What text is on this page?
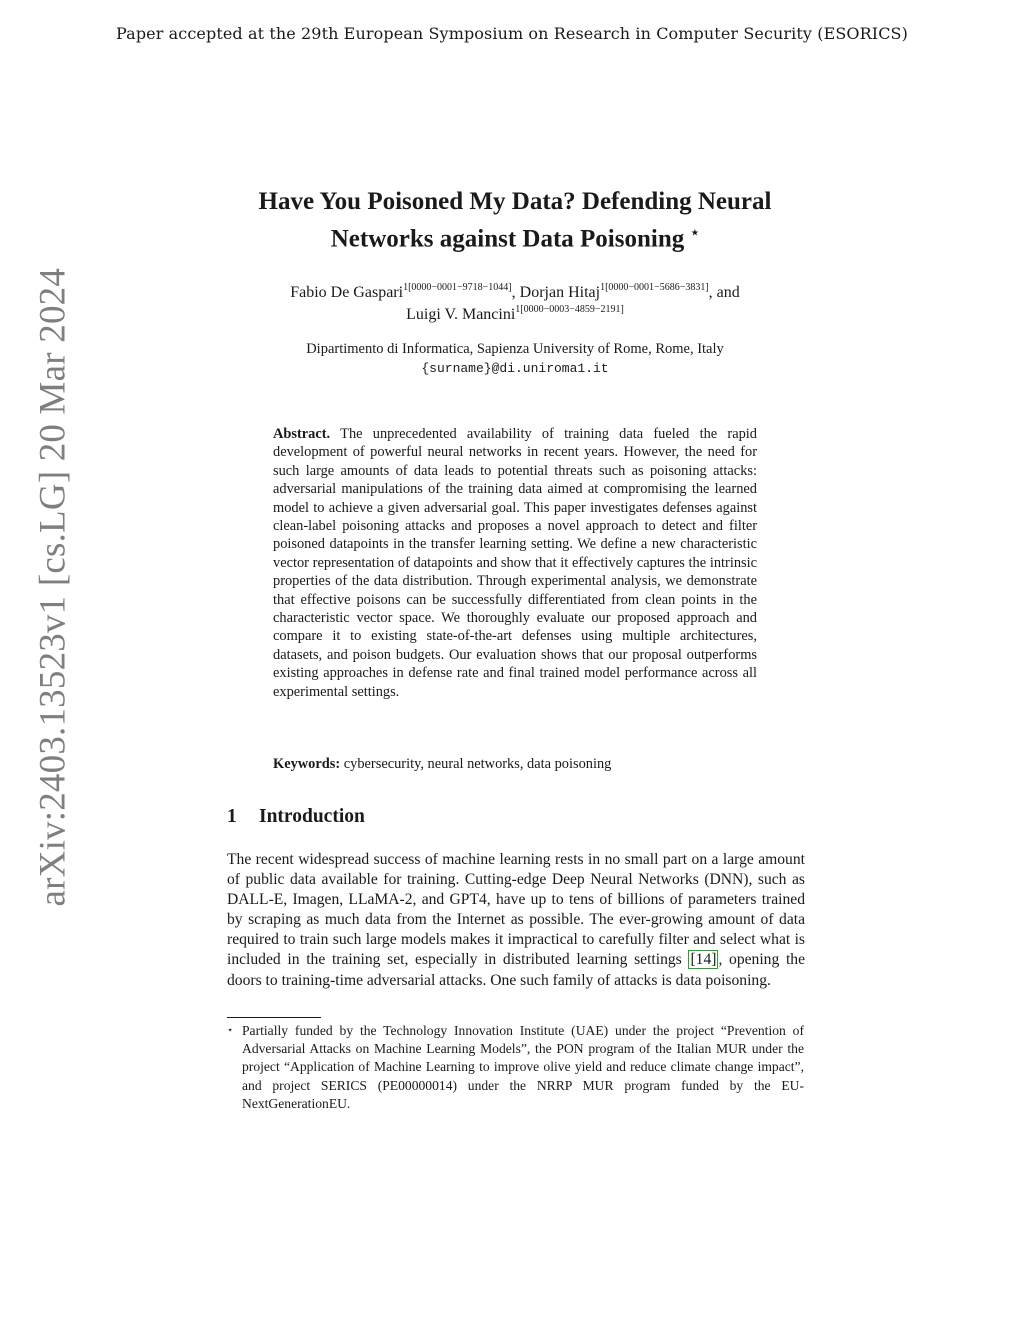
Paper accepted at the 29th European Symposium on Research in Computer Security (ESORICS)
arXiv:2403.13523v1 [cs.LG] 20 Mar 2024
Have You Poisoned My Data? Defending Neural
Networks against Data Poisoning ⋆
Fabio De Gaspari$^{1[0000-0001-9718-1044]}$, Dorjan Hitaj$^{1[0000-0001-5686-3831]}$, and
Luigi V. Mancini$^{1[0000-0003-4859-2191]}$
Dipartimento di Informatica, Sapienza University of Rome, Rome, Italy
{surname}@di.uniroma1.it
Abstract. The unprecedented availability of training data fueled the rapid development of powerful neural networks in recent years. However, the need for such large amounts of data leads to potential threats such as poisoning attacks: adversarial manipulations of the training data aimed at compromising the learned model to achieve a given adversarial goal. This paper investigates defenses against clean-label poisoning attacks and proposes a novel approach to detect and filter poisoned datapoints in the transfer learning setting. We define a new characteristic vector representation of datapoints and show that it effectively captures the intrinsic properties of the data distribution. Through experimental analysis, we demonstrate that effective poisons can be successfully differentiated from clean points in the characteristic vector space. We thoroughly evaluate our proposed approach and compare it to existing state-of-the-art defenses using multiple architectures, datasets, and poison budgets. Our evaluation shows that our proposal outperforms existing approaches in defense rate and final trained model performance across all experimental settings.
Keywords: cybersecurity, neural networks, data poisoning
1 Introduction
The recent widespread success of machine learning rests in no small part on a large amount of public data available for training. Cutting-edge Deep Neural Networks (DNN), such as DALL-E, Imagen, LLaMA-2, and GPT4, have up to tens of billions of parameters trained by scraping as much data from the Internet as possible. The ever-growing amount of data required to train such large models makes it impractical to carefully filter and select what is included in the training set, especially in distributed learning settings [14] , opening the doors to training-time adversarial attacks. One such family of attacks is data poisoning.
⋆ Partially funded by the Technology Innovation Institute (UAE) under the project “Prevention of Adversarial Attacks on Machine Learning Models”, the PON program of the Italian MUR under the project “Application of Machine Learning to improve olive yield and reduce climate change impact”, and project SERICS (PE00000014) under the NRRP MUR program funded by the EU-NextGenerationEU.
